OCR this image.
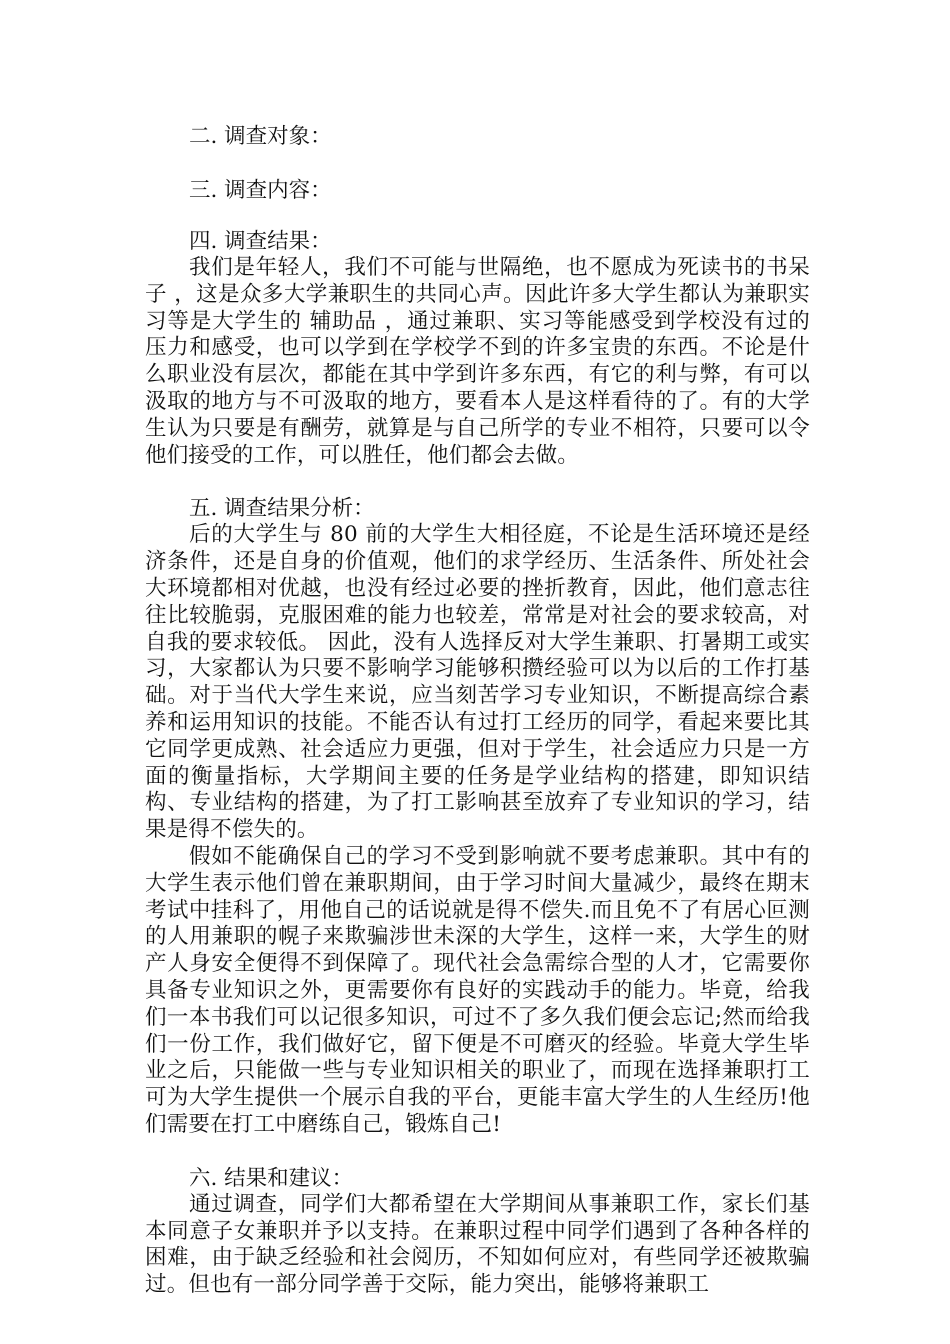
二. 调查对象：

三. 调查内容：

四. 调查结果：

我们是年轻人，我们不可能与世隔绝，也不愿成为死读书的书呆子 ，这是众多大学兼职生的共同心声。因此许多大学生都认为兼职实习等是大学生的 辅助品 ，通过兼职、实习等能感受到学校没有过的压力和感受，也可以学到在学校学不到的许多宝贵的东西。不论是什么职业没有层次，都能在其中学到许多东西，有它的利与弊，有可以汲取的地方与不可汲取的地方，要看本人是这样看待的了。有的大学生认为只要是有酬劳，就算是与自己所学的专业不相符，只要可以令他们接受的工作，可以胜任，他们都会去做。

五. 调查结果分析：

后的大学生与 80 前的大学生大相径庭，不论是生活环境还是经济条件，还是自身的价值观，他们的求学经历、生活条件、所处社会大环境都相对优越，也没有经过必要的挫折教育，因此，他们意志往往比较脆弱，克服困难的能力也较差，常常是对社会的要求较高，对自我的要求较低。 因此，没有人选择反对大学生兼职、打暑期工或实习，大家都认为只要不影响学习能够积攒经验可以为以后的工作打基础。对于当代大学生来说，应当刻苦学习专业知识，不断提高综合素养和运用知识的技能。不能否认有过打工经历的同学，看起来要比其它同学更成熟、社会适应力更强，但对于学生，社会适应力只是一方面的衡量指标，大学期间主要的任务是学业结构的搭建，即知识结构、专业结构的搭建，为了打工影响甚至放弃了专业知识的学习，结果是得不偿失的。

假如不能确保自己的学习不受到影响就不要考虑兼职。其中有的大学生表示他们曾在兼职期间，由于学习时间大量减少，最终在期末考试中挂科了，用他自己的话说就是得不偿失.而且免不了有居心叵测的人用兼职的幌子来欺骗涉世未深的大学生，这样一来，大学生的财产人身安全便得不到保障了。现代社会急需综合型的人才，它需要你具备专业知识之外，更需要你有良好的实践动手的能力。毕竟，给我们一本书我们可以记很多知识，可过不了多久我们便会忘记;然而给我们一份工作，我们做好它，留下便是不可磨灭的经验。毕竟大学生毕业之后，只能做一些与专业知识相关的职业了，而现在选择兼职打工可为大学生提供一个展示自我的平台，更能丰富大学生的人生经历!他们需要在打工中磨练自己，锻炼自己!

六. 结果和建议：

通过调查，同学们大都希望在大学期间从事兼职工作，家长们基本同意子女兼职并予以支持。在兼职过程中同学们遇到了各种各样的困难，由于缺乏经验和社会阅历，不知如何应对，有些同学还被欺骗过。但也有一部分同学善于交际，能力突出，能够将兼职工
